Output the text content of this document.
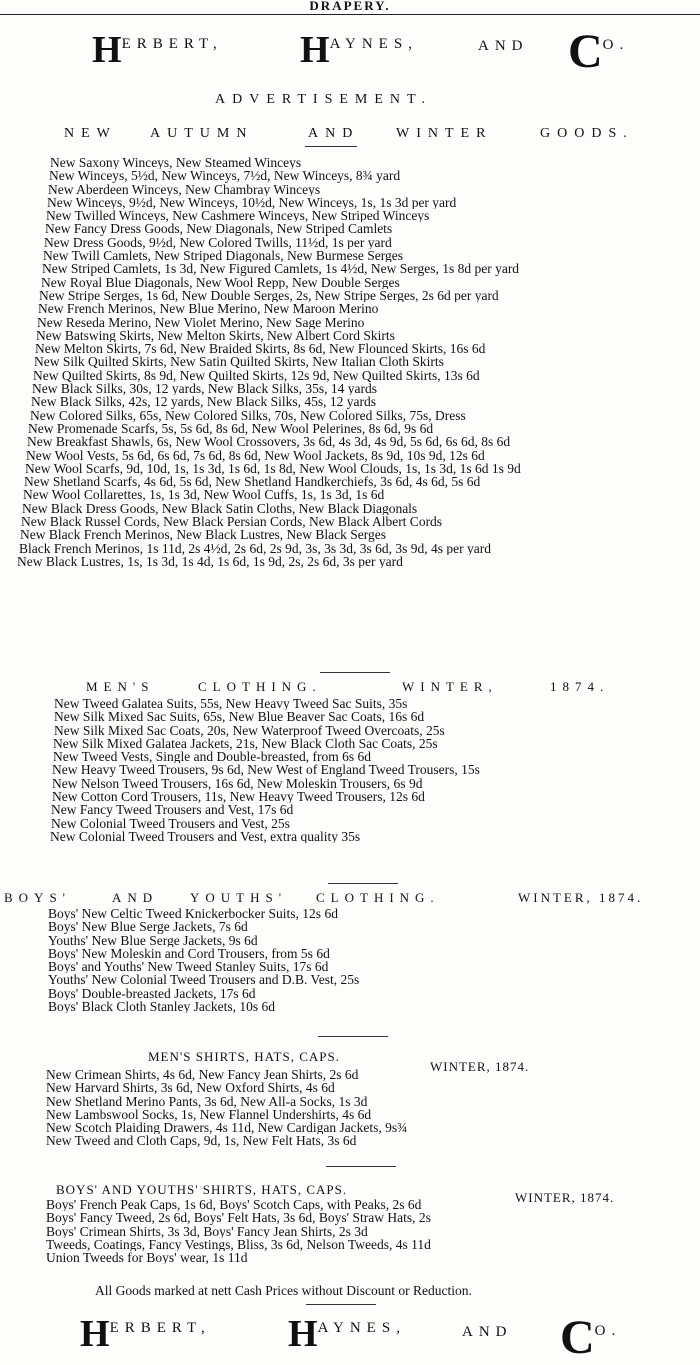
DRAPERY.
HERBERT, HAYNES,	AND CO.
ADVERTISEMENT.
NEW AUTUMN	AND	WINTER	GOODS.
New Saxony Winceys, New Steamed Winceys
New Winceys, 5½d, New Winceys, 7½d, New Winceys, 8¾ yard
New Aberdeen Winceys, New Chambray Winceys
New Winceys, 9½d, New Winceys, 10½d, New Winceys, 1s, 1s 3d per yard
New Twilled Winceys, New Cashmere Winceys, New Striped Winceys
New Fancy Dress Goods, New Diagonals, New Striped Camlets
New Dress Goods, 9½d, New Colored Twills, 11½d, 1s per yard
New Twill Camlets, New Striped Diagonals, New Burmese Serges
New Striped Camlets, 1s 3d, New Figured Camlets, 1s 4½d, New Serges, 1s 8d per yard
New Royal Blue Diagonals, New Wool Repp, New Double Serges
New Stripe Serges, 1s 6d, New Double Serges, 2s, New Stripe Serges, 2s 6d per yard
New French Merinos, New Blue Merino, New Maroon Merino
New Reseda Merino, New Violet Merino, New Sage Merino
New Batswing Skirts, New Melton Skirts, New Albert Cord Skirts
New Melton Skirts, 7s 6d, New Braided Skirts, 8s 6d, New Flounced Skirts, 16s 6d
New Silk Quilted Skirts, New Satin Quilted Skirts, New Italian Cloth Skirts
New Quilted Skirts, 8s 9d, New Quilted Skirts, 12s 9d, New Quilted Skirts, 13s 6d
New Black Silks, 30s, 12 yards, New Black Silks, 35s, 14 yards
New Black Silks, 42s, 12 yards, New Black Silks, 45s, 12 yards
New Colored Silks, 65s, New Colored Silks, 70s, New Colored Silks, 75s, Dress
New Promenade Scarfs, 5s, 5s 6d, 8s 6d, New Wool Pelerines, 8s 6d, 9s 6d
New Breakfast Shawls, 6s, New Wool Crossovers, 3s 6d, 4s 3d, 4s 9d, 5s 6d, 6s 6d, 8s 6d
New Wool Vests, 5s 6d, 6s 6d, 7s 6d, 8s 6d, New Wool Jackets, 8s 9d, 10s 9d, 12s 6d
New Wool Scarfs, 9d, 10d, 1s, 1s 3d, 1s 6d, 1s 8d, New Wool Clouds, 1s, 1s 3d, 1s 6d 1s 9d
New Shetland Scarfs, 4s 6d, 5s 6d, New Shetland Handkerchiefs, 3s 6d, 4s 6d, 5s 6d
New Wool Collarettes, 1s, 1s 3d, New Wool Cuffs, 1s, 1s 3d, 1s 6d
New Black Dress Goods, New Black Satin Cloths, New Black Diagonals
New Black Russel Cords, New Black Persian Cords, New Black Albert Cords
New Black French Merinos, New Black Lustres, New Black Serges
Black French Merinos, 1s 11d, 2s 4½d, 2s 6d, 2s 9d, 3s, 3s 3d, 3s 6d, 3s 9d, 4s per yard
New Black Lustres, 1s, 1s 3d, 1s 4d, 1s 6d, 1s 9d, 2s, 2s 6d, 3s per yard
MEN'S	CLOTHING.	WINTER,	1874.
New Tweed Galatea Suits, 55s, New Heavy Tweed Sac Suits, 35s
New Silk Mixed Sac Suits, 65s, New Blue Beaver Sac Coats, 16s 6d
New Silk Mixed Sac Coats, 20s, New Waterproof Tweed Overcoats, 25s
New Silk Mixed Galatea Jackets, 21s, New Black Cloth Sac Coats, 25s
New Tweed Vests, Single and Double-breasted, from 6s 6d
New Heavy Tweed Trousers, 9s 6d, New West of England Tweed Trousers, 15s
New Nelson Tweed Trousers, 16s 6d, New Moleskin Trousers, 6s 9d
New Cotton Cord Trousers, 11s, New Heavy Tweed Trousers, 12s 6d
New Fancy Tweed Trousers and Vest, 17s 6d
New Colonial Tweed Trousers and Vest, 25s
New Colonial Tweed Trousers and Vest, extra quality 35s
BOYS'	AND YOUTHS' CLOTHING.	WINTER, 1874.
Boys' New Celtic Tweed Knickerbocker Suits, 12s 6d
Boys' New Blue Serge Jackets, 7s 6d
Youths' New Blue Serge Jackets, 9s 6d
Boys' New Moleskin and Cord Trousers, from 5s 6d
Boys' and Youths' New Tweed Stanley Suits, 17s 6d
Youths' New Colonial Tweed Trousers and D.B. Vest, 25s
Boys' Double-breasted Jackets, 17s 6d
Boys' Black Cloth Stanley Jackets, 10s 6d
MEN'S SHIRTS, HATS, CAPS.
WINTER, 1874.
New Crimean Shirts, 4s 6d, New Fancy Jean Shirts, 2s 6d
New Harvard Shirts, 3s 6d, New Oxford Shirts, 4s 6d
New Shetland Merino Pants, 3s 6d, New All-a Socks, 1s 3d
New Lambswool Socks, 1s, New Flannel Undershirts, 4s 6d
New Scotch Plaiding Drawers, 4s 11d, New Cardigan Jackets, 9s¾
New Tweed and Cloth Caps, 9d, 1s, New Felt Hats, 3s 6d
BOYS' AND YOUTHS' SHIRTS, HATS, CAPS.
WINTER, 1874.
Boys' French Peak Caps, 1s 6d, Boys' Scotch Caps, with Peaks, 2s 6d
Boys' Fancy Tweed, 2s 6d, Boys' Felt Hats, 3s 6d, Boys' Straw Hats, 2s
Boys' Crimean Shirts, 3s 3d, Boys' Fancy Jean Shirts, 2s 3d
Tweeds, Coatings, Fancy Vestings, Bliss, 3s 6d, Nelson Tweeds, 4s 11d
Union Tweeds for Boys' wear, 1s 11d
All Goods marked at nett Cash Prices without Discount or Reduction.
HERBERT, HAYNES,	AND CO.
